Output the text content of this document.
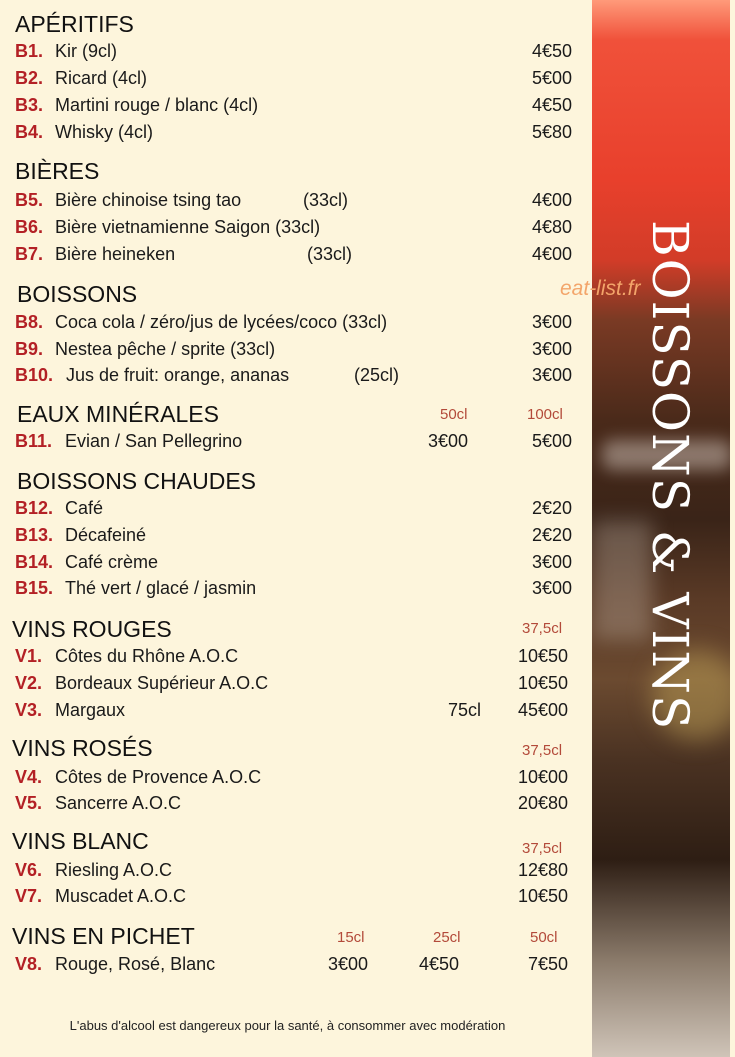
APÉRITIFS
B1. Kir (9cl)	4€50
B2. Ricard (4cl)	5€00
B3. Martini rouge / blanc (4cl)	4€50
B4. Whisky (4cl)	5€80
BIÈRES
B5. Bière chinoise tsing tao	(33cl)	4€00
B6. Bière vietnamienne Saigon (33cl)	4€80
B7. Bière heineken	(33cl)	4€00
BOISSONS
B8. Coca cola / zéro/jus de lycées/coco (33cl)	3€00
B9. Nestea pêche / sprite (33cl)	3€00
B10. Jus de fruit: orange, ananas	(25cl)	3€00
EAUX MINÉRALES	50cl	100cl
B11. Evian / San Pellegrino	3€00	5€00
BOISSONS CHAUDES
B12. Café	2€20
B13. Décafeiné	2€20
B14. Café crème	3€00
B15. Thé vert / glacé / jasmin	3€00
VINS ROUGES	37,5cl
V1. Côtes du Rhône A.O.C	10€50
V2. Bordeaux Supérieur A.O.C	10€50
V3. Margaux	75cl 45€00
VINS ROSÉS	37,5cl
V4. Côtes de Provence A.O.C	10€00
V5. Sancerre A.O.C	20€80
VINS BLANC	37,5cl
V6. Riesling A.O.C	12€80
V7. Muscadet A.O.C	10€50
VINS EN PICHET	15cl	25cl	50cl
V8. Rouge, Rosé, Blanc	3€00	4€50	7€50
L'abus d'alcool est dangereux pour la santé, à consommer avec modération
BOISSONS & VINS
eat-list.fr
